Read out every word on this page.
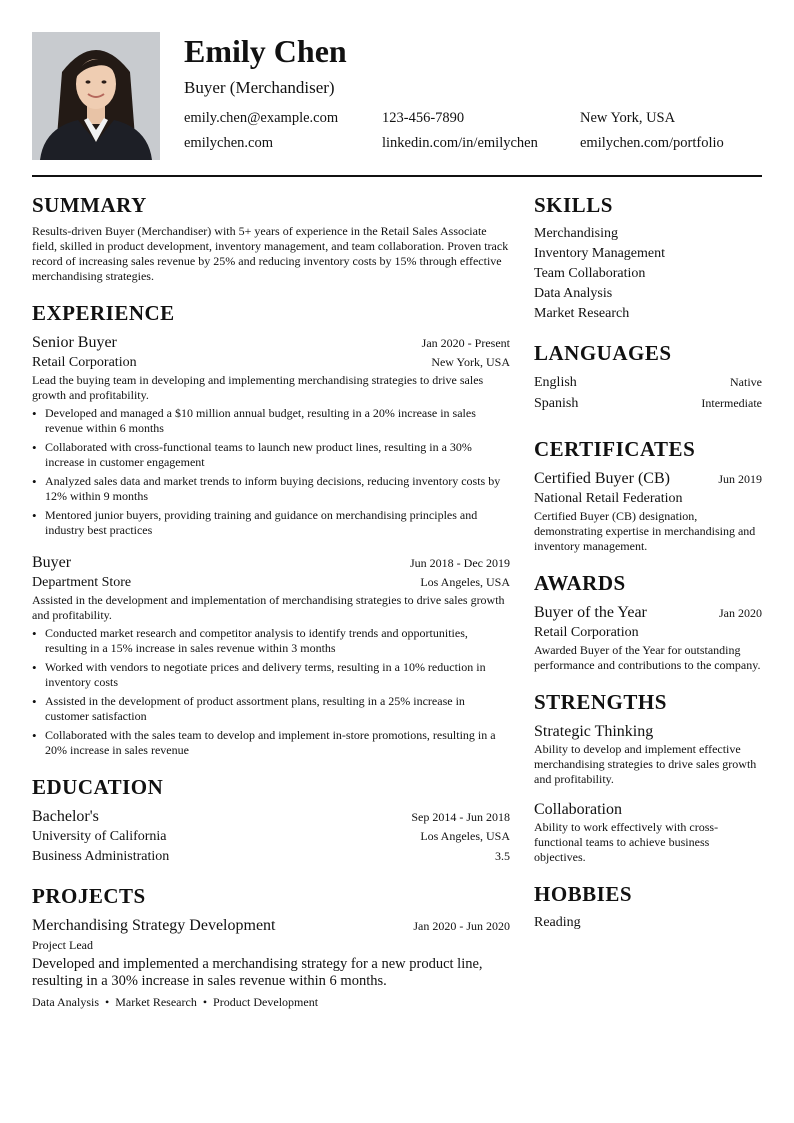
Emily Chen
Buyer (Merchandiser)
emily.chen@example.com	123-456-7890	New York, USA
emilychen.com	linkedin.com/in/emilychen	emilychen.com/portfolio
SUMMARY
Results-driven Buyer (Merchandiser) with 5+ years of experience in the Retail Sales Associate field, skilled in product development, inventory management, and team collaboration. Proven track record of increasing sales revenue by 25% and reducing inventory costs by 15% through effective merchandising strategies.
EXPERIENCE
Senior Buyer	Jan 2020 - Present
Retail Corporation	New York, USA
Lead the buying team in developing and implementing merchandising strategies to drive sales growth and profitability.
• Developed and managed a $10 million annual budget, resulting in a 20% increase in sales revenue within 6 months
• Collaborated with cross-functional teams to launch new product lines, resulting in a 30% increase in customer engagement
• Analyzed sales data and market trends to inform buying decisions, reducing inventory costs by 12% within 9 months
• Mentored junior buyers, providing training and guidance on merchandising principles and industry best practices
Buyer	Jun 2018 - Dec 2019
Department Store	Los Angeles, USA
Assisted in the development and implementation of merchandising strategies to drive sales growth and profitability.
• Conducted market research and competitor analysis to identify trends and opportunities, resulting in a 15% increase in sales revenue within 3 months
• Worked with vendors to negotiate prices and delivery terms, resulting in a 10% reduction in inventory costs
• Assisted in the development of product assortment plans, resulting in a 25% increase in customer satisfaction
• Collaborated with the sales team to develop and implement in-store promotions, resulting in a 20% increase in sales revenue
EDUCATION
Bachelor's	Sep 2014 - Jun 2018
University of California	Los Angeles, USA
Business Administration	3.5
PROJECTS
Merchandising Strategy Development	Jan 2020 - Jun 2020
Project Lead
Developed and implemented a merchandising strategy for a new product line, resulting in a 30% increase in sales revenue within 6 months.
Data Analysis • Market Research • Product Development
SKILLS
Merchandising
Inventory Management
Team Collaboration
Data Analysis
Market Research
LANGUAGES
English	Native
Spanish	Intermediate
CERTIFICATES
Certified Buyer (CB)	Jun 2019
National Retail Federation
Certified Buyer (CB) designation, demonstrating expertise in merchandising and inventory management.
AWARDS
Buyer of the Year	Jan 2020
Retail Corporation
Awarded Buyer of the Year for outstanding performance and contributions to the company.
STRENGTHS
Strategic Thinking
Ability to develop and implement effective merchandising strategies to drive sales growth and profitability.
Collaboration
Ability to work effectively with cross-functional teams to achieve business objectives.
HOBBIES
Reading
